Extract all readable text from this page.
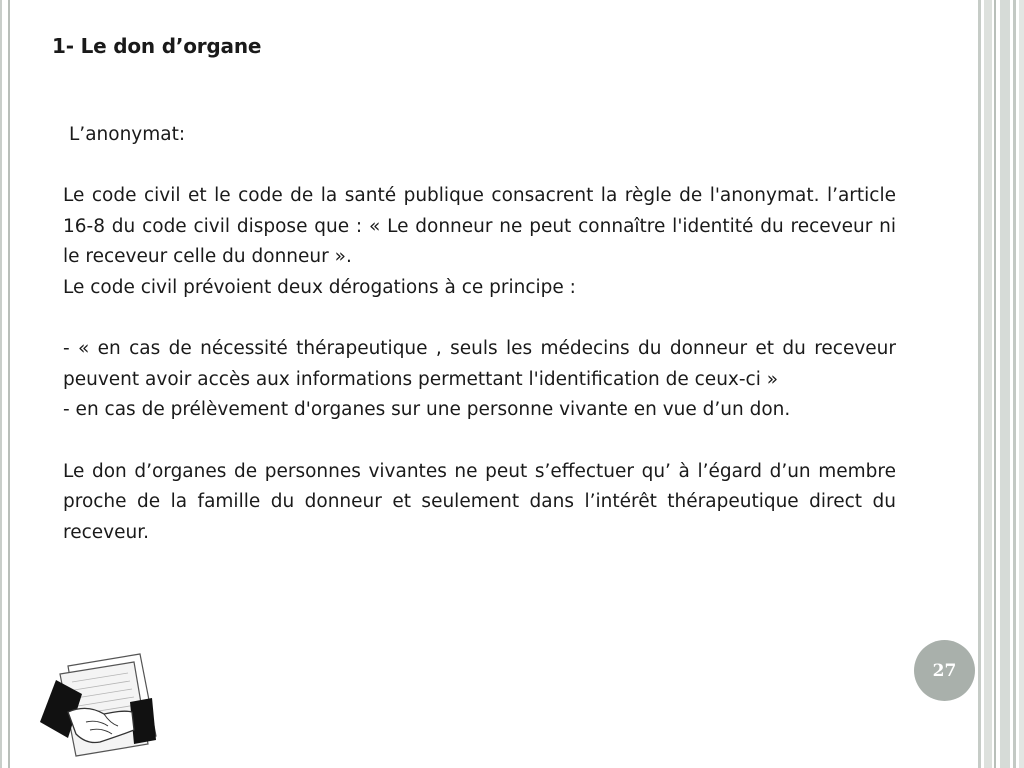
1- Le don d’organe

L’anonymat:

Le code civil et le code de la santé publique consacrent la règle de l'anonymat. l’article 16-8 du code civil dispose que : « Le donneur ne peut connaître l'identité du receveur ni le receveur celle du donneur ».

Le code civil prévoient deux dérogations à ce principe :

- « en cas de nécessité thérapeutique , seuls les médecins du donneur et du receveur peuvent avoir accès aux informations permettant l'identification de ceux-ci »

- en cas de prélèvement d'organes sur une personne vivante en vue d’un don.

Le don d’organes de personnes vivantes ne peut s’effectuer qu’ à l’égard d’un membre proche de la famille du donneur et seulement dans l’intérêt thérapeutique direct du receveur.

27
